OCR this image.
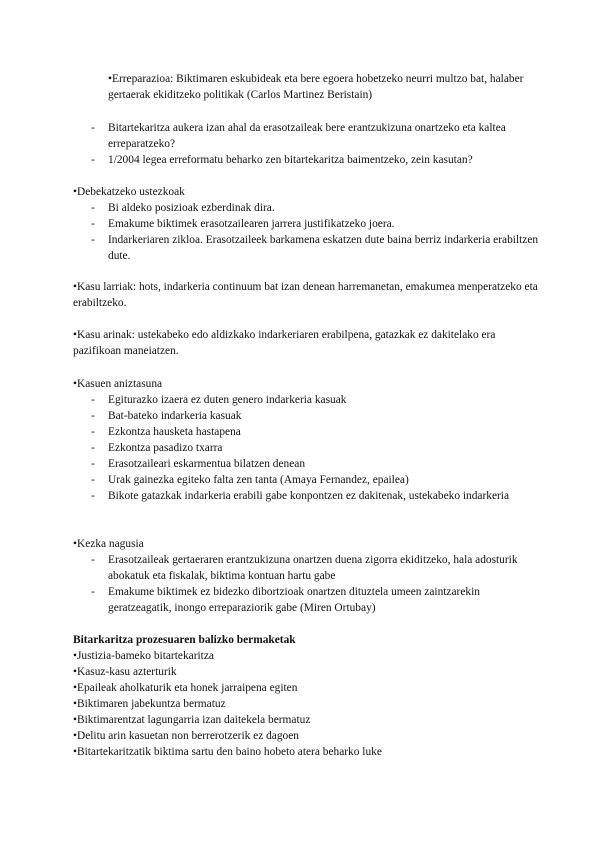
•Erreparazioa: Biktimaren eskubideak eta bere egoera hobetzeko neurri multzo bat, halaber gertaerak ekiditzeko politikak (Carlos Martinez Beristain)

- Bitartekaritza aukera izan ahal da erasotzaileak bere erantzukizuna onartzeko eta kaltea erreparatzeko?
- 1/2004 legea erreformatu beharko zen bitartekaritza baimentzeko, zein kasutan?

•Debekatzeko ustezkoak

- Bi aldeko posizioak ezberdinak dira.
- Emakume biktimek erasotzailearen jarrera justifikatzeko joera.
- Indarkeriaren zikloa. Erasotzaileek barkamena eskatzen dute baina berriz indarkeria erabiltzen dute.

•Kasu larriak: hots, indarkeria continuum bat izan denean harremanetan, emakumea menperatzeko eta erabiltzeko.

•Kasu arinak: ustekabeko edo aldizkako indarkeriaren erabilpena, gatazkak ez dakitelako era pazifikoan maneiatzen.

•Kasuen aniztasuna

- Egiturazko izaera ez duten genero indarkeria kasuak
- Bat-bateko indarkeria kasuak
- Ezkontza hausketa hastapena
- Ezkontza pasadizo txarra
- Erasotzaileari eskarmentua bilatzen denean
- Urak gainezka egiteko falta zen tanta (Amaya Fernandez, epailea)
- Bikote gatazkak indarkeria erabili gabe konpontzen ez dakitenak, ustekabeko indarkeria

•Kezka nagusia

- Erasotzaileak gertaeraren erantzukizuna onartzen duena zigorra ekiditzeko, hala adosturik abokatuk eta fiskalak, biktima kontuan hartu gabe
- Emakume biktimek ez bidezko dibortzioak onartzen dituztela umeen zaintzarekin geratzeagatik, inongo erreparaziorik gabe (Miren Ortubay)

Bitarkaritza prozesuaren balizko bermaketak

•Justizia-bameko bitartekaritza

•Kasuz-kasu azterturik

•Epaileak aholkaturik eta honek jarraipena egiten

•Biktimaren jabekuntza bermatuz

•Biktimarentzat lagungarria izan daitekela bermatuz

•Delitu arin kasuetan non berrerotzerik ez dagoen

•Bitartekaritzatik biktima sartu den baino hobeto atera beharko luke
